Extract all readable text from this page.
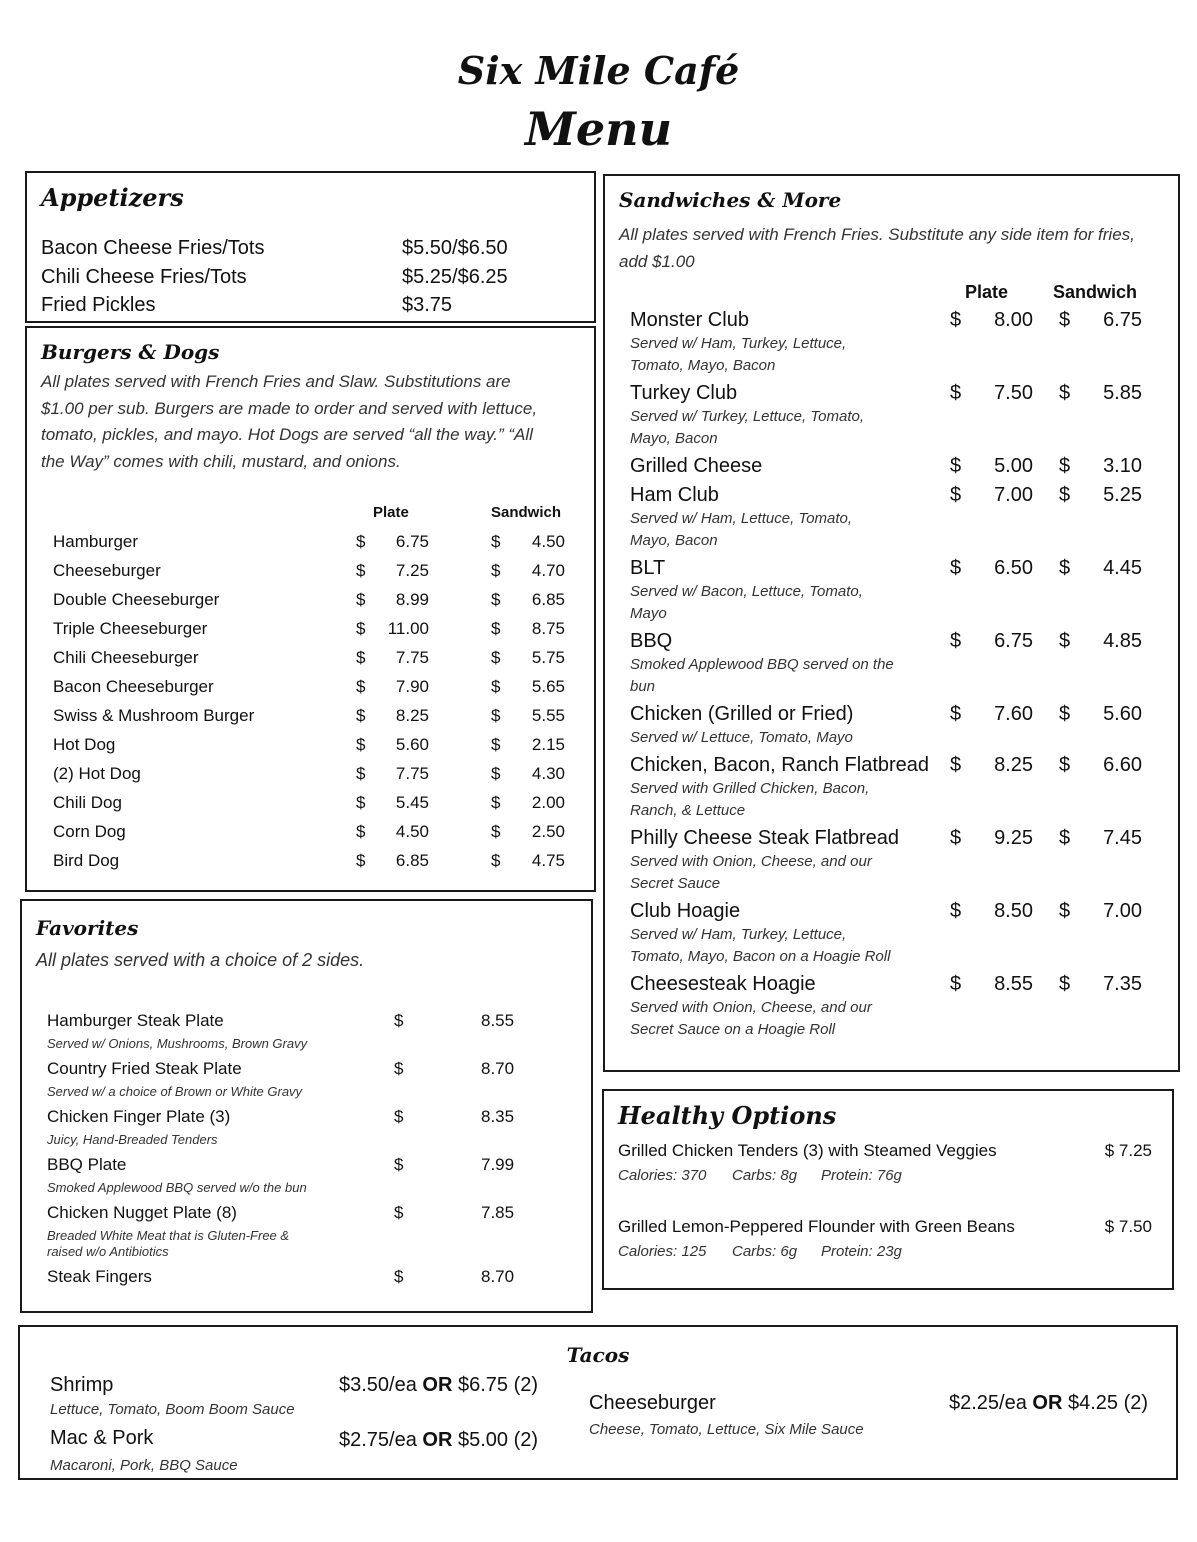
Six Mile Café
Menu
Appetizers
Bacon Cheese Fries/Tots	$5.50/$6.50
Chili Cheese Fries/Tots	$5.25/$6.25
Fried Pickles	$3.75
Burgers & Dogs
All plates served with French Fries and Slaw. Substitutions are
$1.00 per sub. Burgers are made to order and served with lettuce,
tomato, pickles, and mayo. Hot Dogs are served “all the way.” “All
the Way” comes with chili, mustard, and onions.
Plate	Sandwich
Hamburger	$	6.75	$	4.50
Cheeseburger	$	7.25	$	4.70
Double Cheeseburger	$	8.99	$	6.85
Triple Cheeseburger	$	11.00	$	8.75
Chili Cheeseburger	$	7.75	$	5.75
Bacon Cheeseburger	$	7.90	$	5.65
Swiss & Mushroom Burger	$	8.25	$	5.55
Hot Dog	$	5.60	$	2.15
(2) Hot Dog	$	7.75	$	4.30
Chili Dog	$	5.45	$	2.00
Corn Dog	$	4.50	$	2.50
Bird Dog	$	6.85	$	4.75
Favorites
All plates served with a choice of 2 sides.
Hamburger Steak Plate	$	8.55
Served w/ Onions, Mushrooms, Brown Gravy
Country Fried Steak Plate	$	8.70
Served w/ a choice of Brown or White Gravy
Chicken Finger Plate (3)	$	8.35
Juicy, Hand-Breaded Tenders
BBQ Plate	$	7.99
Smoked Applewood BBQ served w/o the bun
Chicken Nugget Plate (8)	$	7.85
Breaded White Meat that is Gluten-Free &
raised w/o Antibiotics
Steak Fingers	$	8.70
Sandwiches & More
All plates served with French Fries. Substitute any side item for fries,
add $1.00
Plate Sandwich
Monster Club	$	8.00 $	6.75
Served w/ Ham, Turkey, Lettuce,
Tomato, Mayo, Bacon
Turkey Club	$	7.50 $	5.85
Served w/ Turkey, Lettuce, Tomato,
Mayo, Bacon
Grilled Cheese	$	5.00 $	3.10
Ham Club	$	7.00 $	5.25
Served w/ Ham, Lettuce, Tomato,
Mayo, Bacon
BLT	$	6.50 $	4.45
Served w/ Bacon, Lettuce, Tomato,
Mayo
BBQ	$	6.75 $	4.85
Smoked Applewood BBQ served on the
bun
Chicken (Grilled or Fried)	$	7.60 $	5.60
Served w/ Lettuce, Tomato, Mayo
Chicken, Bacon, Ranch Flatbread $	8.25 $	6.60
Served with Grilled Chicken, Bacon,
Ranch, & Lettuce
Philly Cheese Steak Flatbread	$	9.25 $	7.45
Served with Onion, Cheese, and our
Secret Sauce
Club Hoagie	$	8.50 $	7.00
Served w/ Ham, Turkey, Lettuce,
Tomato, Mayo, Bacon on a Hoagie Roll
Cheesesteak Hoagie	$	8.55 $	7.35
Served with Onion, Cheese, and our
Secret Sauce on a Hoagie Roll
Healthy Options
Grilled Chicken Tenders (3) with Steamed Veggies	$ 7.25
Calories: 370 Carbs: 8g Protein: 76g
Grilled Lemon-Peppered Flounder with Green Beans	$ 7.50
Calories: 125 Carbs: 6g Protein: 23g
Tacos
Shrimp	$3.50/ea OR $6.75 (2)
Lettuce, Tomato, Boom Boom Sauce
Mac & Pork	$2.75/ea OR $5.00 (2)
Macaroni, Pork, BBQ Sauce
Cheeseburger	$2.25/ea OR $4.25 (2)
Cheese, Tomato, Lettuce, Six Mile Sauce
